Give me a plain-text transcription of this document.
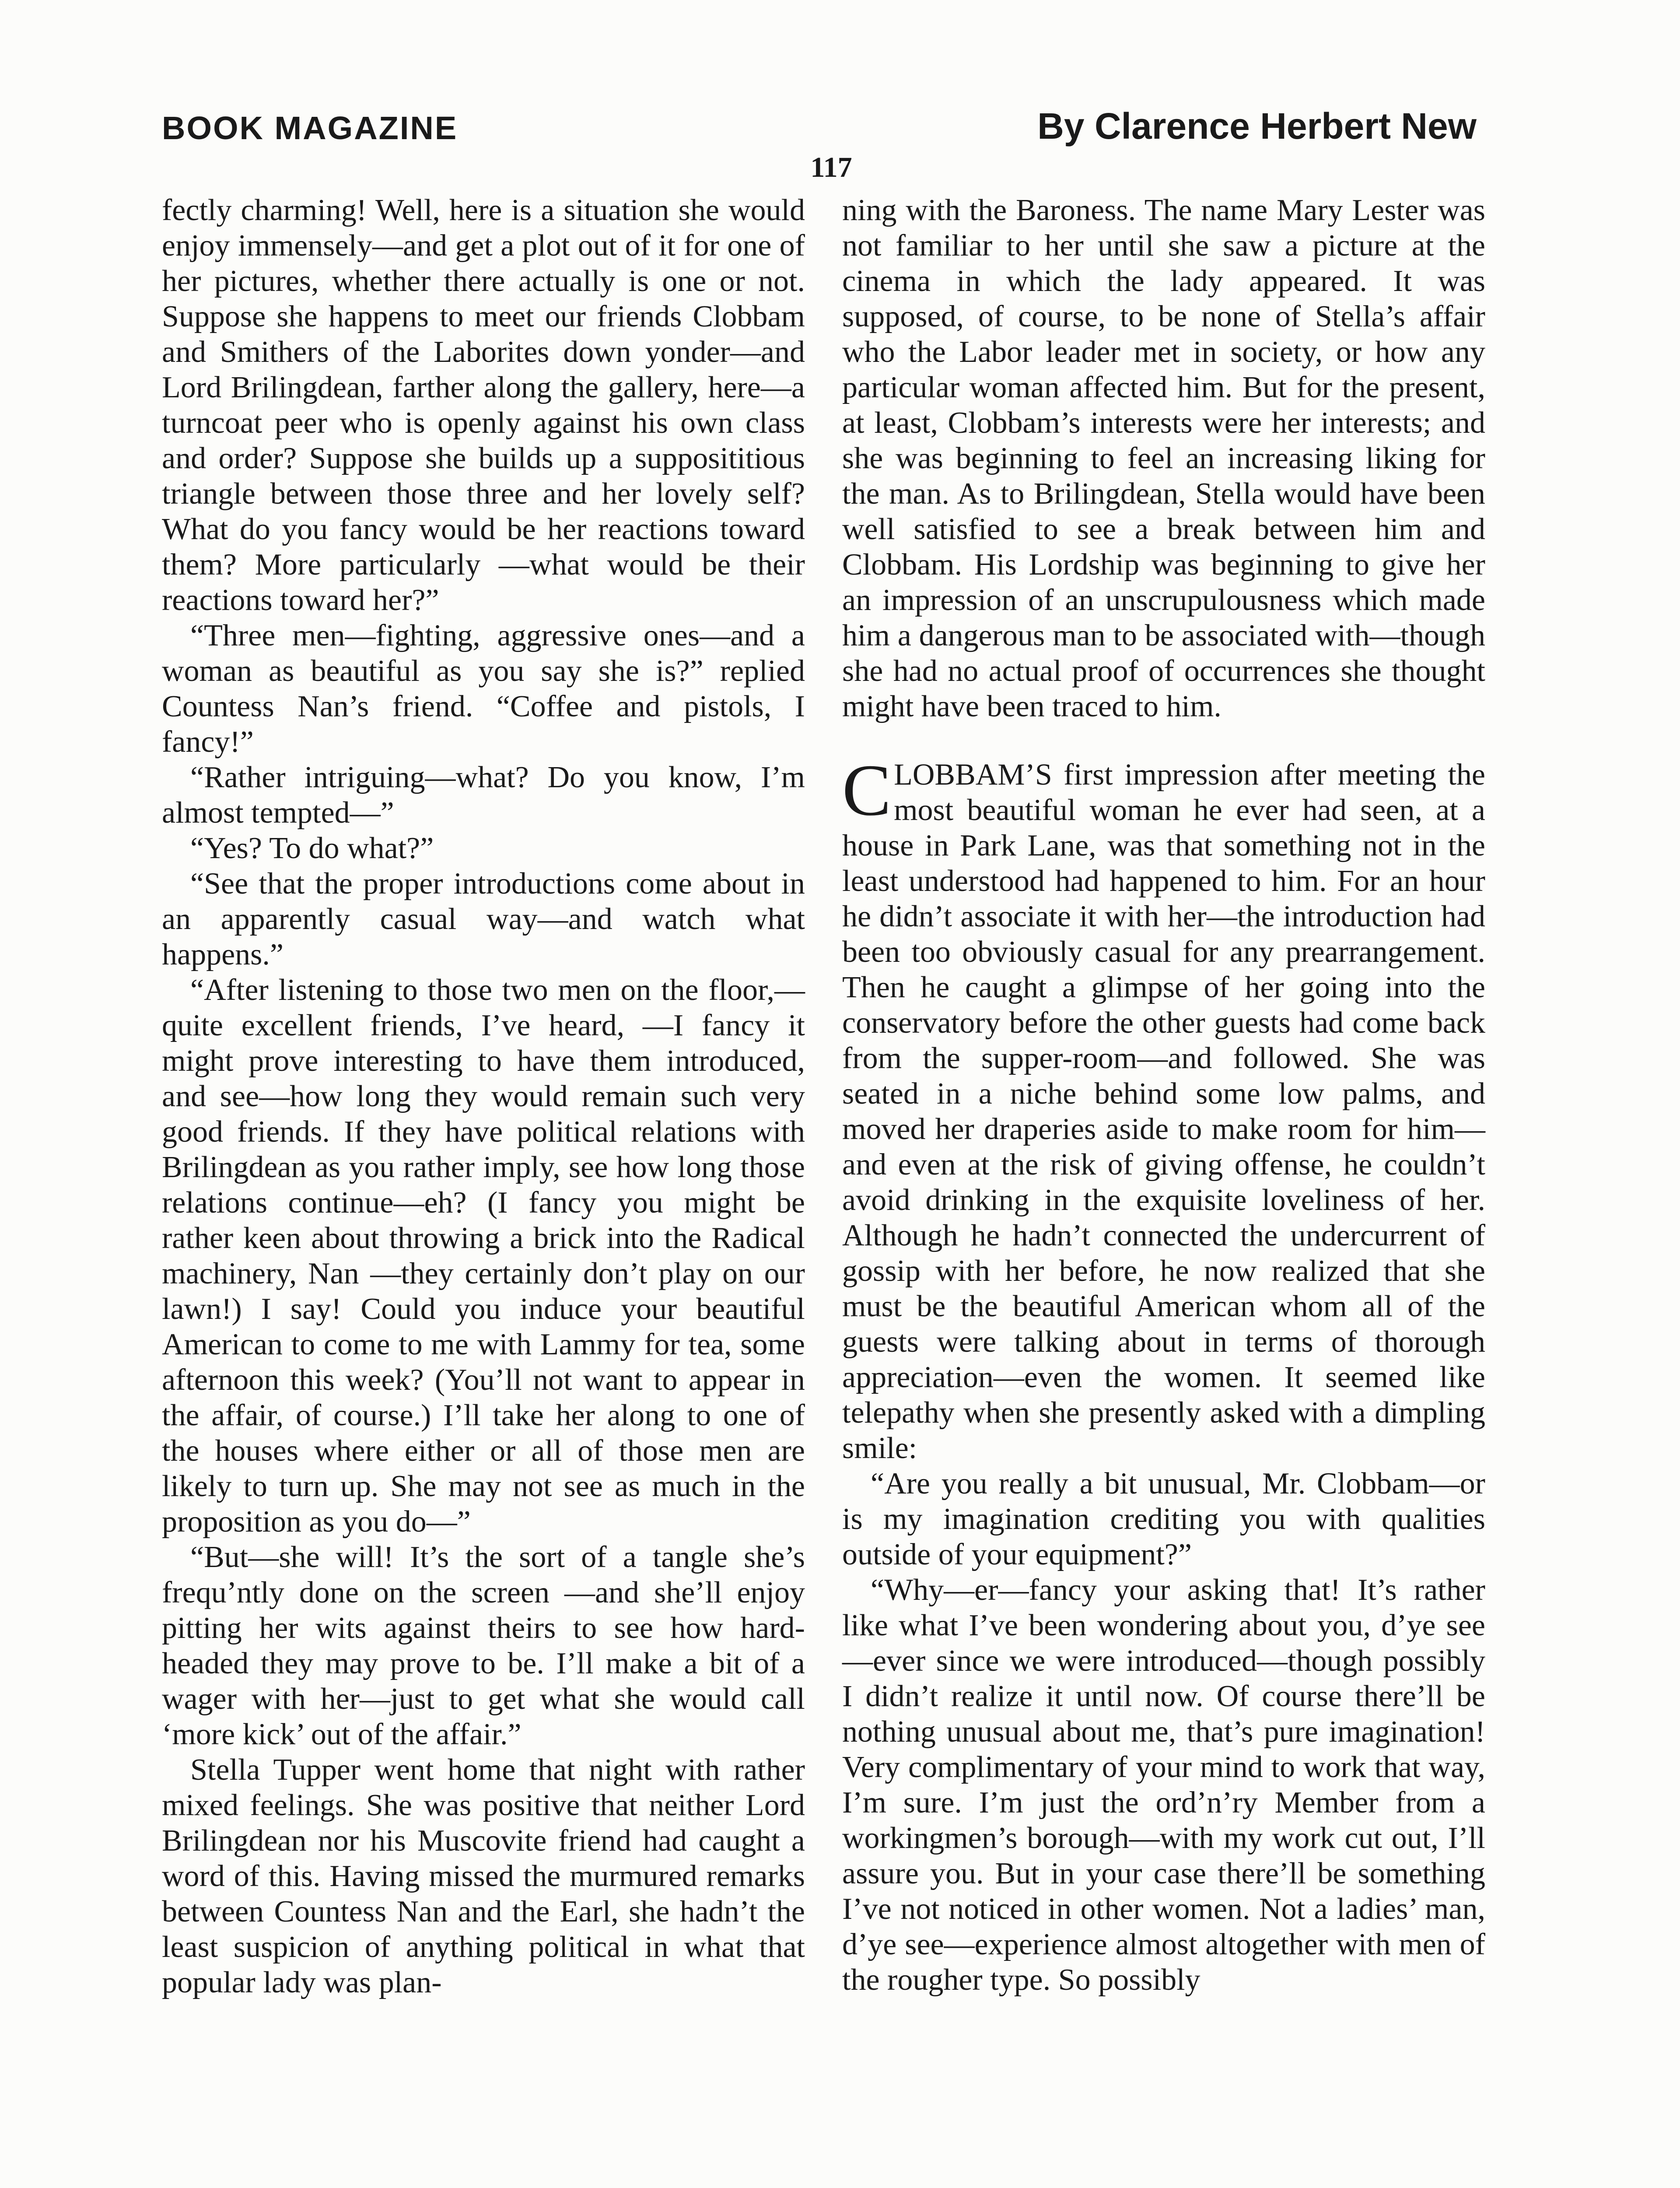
BOOK MAGAZINE	By Clarence Herbert New
117

fectly charming! Well, here is a situation she would enjoy immensely—and get a plot out of it for one of her pictures, whether there actually is one or not. Suppose she happens to meet our friends Clobbam and Smithers of the Laborites down yonder—and Lord Brilingdean, farther along the gallery, here—a turncoat peer who is openly against his own class and order? Suppose she builds up a supposititious triangle between those three and her lovely self? What do you fancy would be her reactions toward them? More particularly —what would be their reactions toward her?”

“Three men—fighting, aggressive ones—and a woman as beautiful as you say she is?” replied Countess Nan’s friend. “Coffee and pistols, I fancy!”

“Rather intriguing—what? Do you know, I’m almost tempted—”

“Yes? To do what?”

“See that the proper introductions come about in an apparently casual way—and watch what happens.”

“After listening to those two men on the floor,—quite excellent friends, I’ve heard, —I fancy it might prove interesting to have them introduced, and see—how long they would remain such very good friends. If they have political relations with Brilingdean as you rather imply, see how long those relations continue—eh? (I fancy you might be rather keen about throwing a brick into the Radical machinery, Nan —they certainly don’t play on our lawn!) I say! Could you induce your beautiful American to come to me with Lammy for tea, some afternoon this week? (You’ll not want to appear in the affair, of course.) I’ll take her along to one of the houses where either or all of those men are likely to turn up. She may not see as much in the proposition as you do—”

“But—she will! It’s the sort of a tangle she’s frequ’ntly done on the screen —and she’ll enjoy pitting her wits against theirs to see how hard-headed they may prove to be. I’ll make a bit of a wager with her—just to get what she would call ‘more kick’ out of the affair.”

Stella Tupper went home that night with rather mixed feelings. She was positive that neither Lord Brilingdean nor his Muscovite friend had caught a word of this. Having missed the murmured remarks between Countess Nan and the Earl, she hadn’t the least suspicion of anything political in what that popular lady was plan-

ning with the Baroness. The name Mary Lester was not familiar to her until she saw a picture at the cinema in which the lady appeared. It was supposed, of course, to be none of Stella’s affair who the Labor leader met in society, or how any particular woman affected him. But for the present, at least, Clobbam’s interests were her interests; and she was beginning to feel an increasing liking for the man. As to Brilingdean, Stella would have been well satisfied to see a break between him and Clobbam. His Lordship was beginning to give her an impression of an unscrupulousness which made him a dangerous man to be associated with—though she had no actual proof of occurrences she thought might have been traced to him.

CLOBBAM’S first impression after meeting the most beautiful woman he ever had seen, at a house in Park Lane, was that something not in the least understood had happened to him. For an hour he didn’t associate it with her—the introduction had been too obviously casual for any prearrangement. Then he caught a glimpse of her going into the conservatory before the other guests had come back from the supper-room—and followed. She was seated in a niche behind some low palms, and moved her draperies aside to make room for him—and even at the risk of giving offense, he couldn’t avoid drinking in the exquisite loveliness of her. Although he hadn’t connected the undercurrent of gossip with her before, he now realized that she must be the beautiful American whom all of the guests were talking about in terms of thorough appreciation—even the women. It seemed like telepathy when she presently asked with a dimpling smile:

“Are you really a bit unusual, Mr. Clobbam—or is my imagination crediting you with qualities outside of your equipment?”

“Why—er—fancy your asking that! It’s rather like what I’ve been wondering about you, d’ye see—ever since we were introduced—though possibly I didn’t realize it until now. Of course there’ll be nothing unusual about me, that’s pure imagination! Very complimentary of your mind to work that way, I’m sure. I’m just the ord’n’ry Member from a workingmen’s borough—with my work cut out, I’ll assure you. But in your case there’ll be something I’ve not noticed in other women. Not a ladies’ man, d’ye see—experience almost altogether with men of the rougher type. So possibly
